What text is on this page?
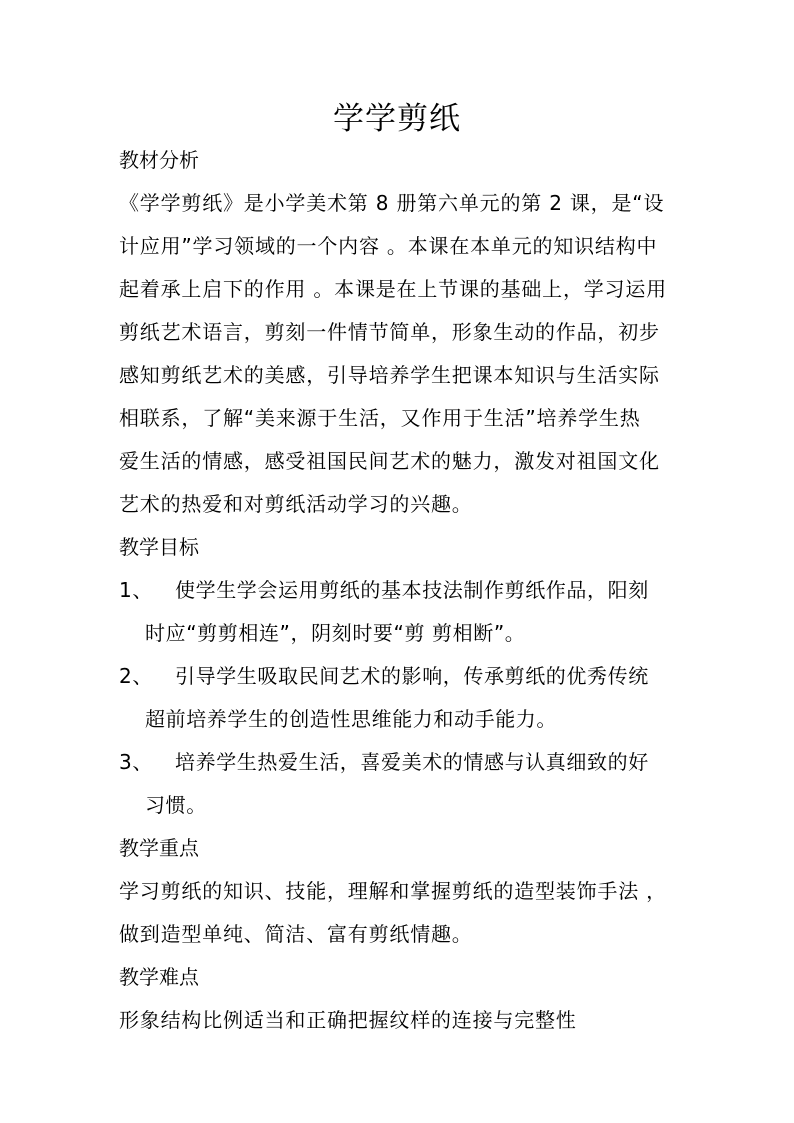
学学剪纸
教材分析
《学学剪纸》是小学美术第 8 册第六单元的第 2 课，是“设
计应用”学习领域的一个内容 。本课在本单元的知识结构中
起着承上启下的作用 。本课是在上节课的基础上，学习运用
剪纸艺术语言，剪刻一件情节简单，形象生动的作品，初步
感知剪纸艺术的美感，引导培养学生把课本知识与生活实际
相联系，了解“美来源于生活，又作用于生活”培养学生热
爱生活的情感，感受祖国民间艺术的魅力，激发对祖国文化
艺术的热爱和对剪纸活动学习的兴趣。
教学目标
1、	使学生学会运用剪纸的基本技法制作剪纸作品，阳刻
时应“剪剪相连”，阴刻时要“剪 剪相断”。
2、	引导学生吸取民间艺术的影响，传承剪纸的优秀传统
超前培养学生的创造性思维能力和动手能力。
3、	培养学生热爱生活，喜爱美术的情感与认真细致的好
习惯。
教学重点
学习剪纸的知识、技能，理解和掌握剪纸的造型装饰手法 ，
做到造型单纯、简洁、富有剪纸情趣。
教学难点
形象结构比例适当和正确把握纹样的连接与完整性
